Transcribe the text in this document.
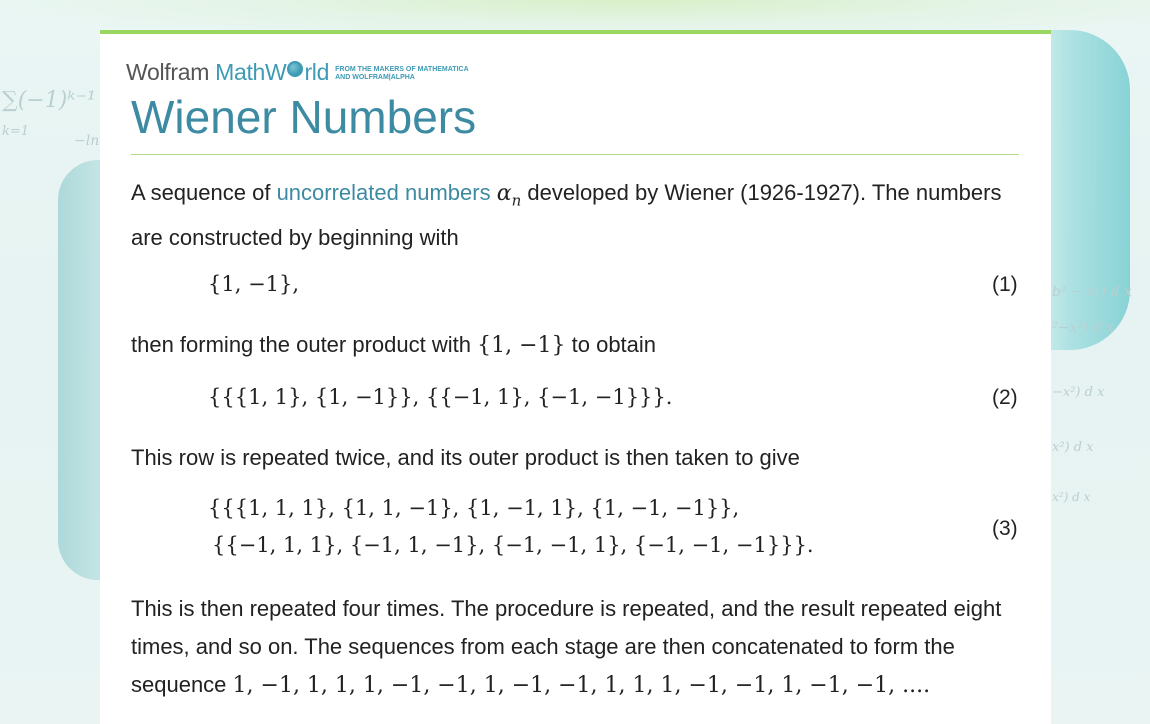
∑(−1)ᵏ⁻¹
k=1
−ln
b² − x²) d x
²−x²) d x
−x²) d x
x²) d x
x²) d x
Wolfram MathW rld FROM THE MAKERS OF MATHEMATICA
AND WOLFRAM|ALPHA
Wiener Numbers
A sequence of uncorrelated numbers $\alpha_n$ developed by Wiener (1926-1927). The numbers are constructed by beginning with
{1, −1},	(1)
then forming the outer product with {1, −1} to obtain
{{{1, 1}, {1, −1}}, {{−1, 1}, {−1, −1}}}.	(2)
This row is repeated twice, and its outer product is then taken to give
{{{1, 1, 1}, {1, 1, −1}, {1, −1, 1}, {1, −1, −1}},
{{−1, 1, 1}, {−1, 1, −1}, {−1, −1, 1}, {−1, −1, −1}}}.
(3)
This is then repeated four times. The procedure is repeated, and the result repeated eight times, and so on. The sequences from each stage are then concatenated to form the sequence 1, −1, 1, 1, 1, −1, −1, 1, −1, −1, 1, 1, 1, −1, −1, 1, −1, −1, ....
